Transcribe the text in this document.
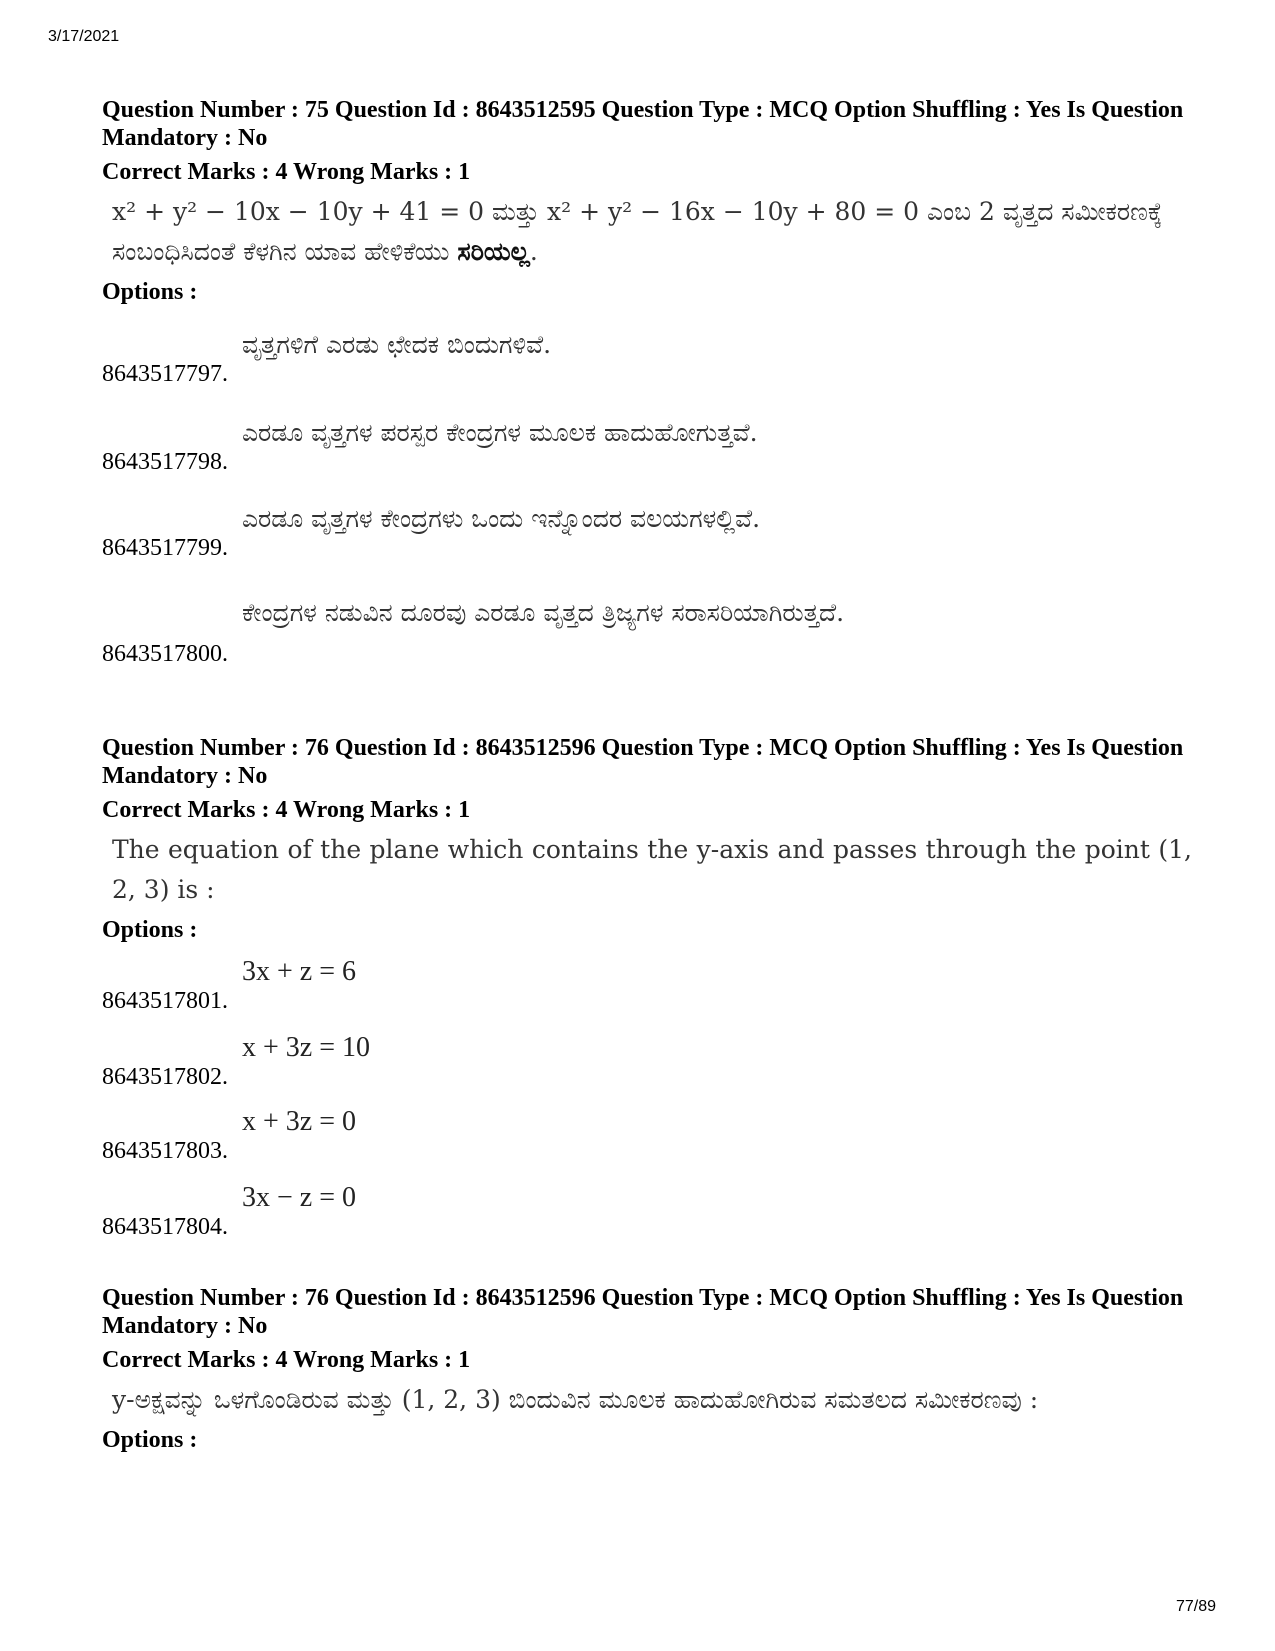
3/17/2021
Question Number : 75 Question Id : 8643512595 Question Type : MCQ Option Shuffling : Yes Is Question Mandatory : No
Correct Marks : 4 Wrong Marks : 1
x² + y² − 10x − 10y + 41 = 0 ಮತ್ತು x² + y² − 16x − 10y + 80 = 0 ಎಂಬ 2 ವೃತ್ತದ ಸಮೀಕರಣಕ್ಕೆ
ಸಂಬಂಧಿಸಿದಂತೆ ಕೆಳಗಿನ ಯಾವ ಹೇಳಿಕೆಯು ಸರಿಯಲ್ಲ.
Options :
ವೃತ್ತಗಳಿಗೆ ಎರಡು ಛೇದಕ ಬಿಂದುಗಳಿವೆ.
8643517797.
ಎರಡೂ ವೃತ್ತಗಳ ಪರಸ್ಪರ ಕೇಂದ್ರಗಳ ಮೂಲಕ ಹಾದುಹೋಗುತ್ತವೆ.
8643517798.
ಎರಡೂ ವೃತ್ತಗಳ ಕೇಂದ್ರಗಳು ಒಂದು ಇನ್ನೊಂದರ ವಲಯಗಳಲ್ಲಿವೆ.
8643517799.
ಕೇಂದ್ರಗಳ ನಡುವಿನ ದೂರವು ಎರಡೂ ವೃತ್ತದ ತ್ರಿಜ್ಯಗಳ ಸರಾಸರಿಯಾಗಿರುತ್ತದೆ.
8643517800.
Question Number : 76 Question Id : 8643512596 Question Type : MCQ Option Shuffling : Yes Is Question Mandatory : No
Correct Marks : 4 Wrong Marks : 1
The equation of the plane which contains the y-axis and passes through the point (1, 2, 3) is :
Options :
3x + z = 6
8643517801.
x + 3z = 10
8643517802.
x + 3z = 0
8643517803.
3x − z = 0
8643517804.
Question Number : 76 Question Id : 8643512596 Question Type : MCQ Option Shuffling : Yes Is Question Mandatory : No
Correct Marks : 4 Wrong Marks : 1
y-ಅಕ್ಷವನ್ನು ಒಳಗೊಂಡಿರುವ ಮತ್ತು (1, 2, 3) ಬಿಂದುವಿನ ಮೂಲಕ ಹಾದುಹೋಗಿರುವ ಸಮತಲದ ಸಮೀಕರಣವು :
Options :
77/89
